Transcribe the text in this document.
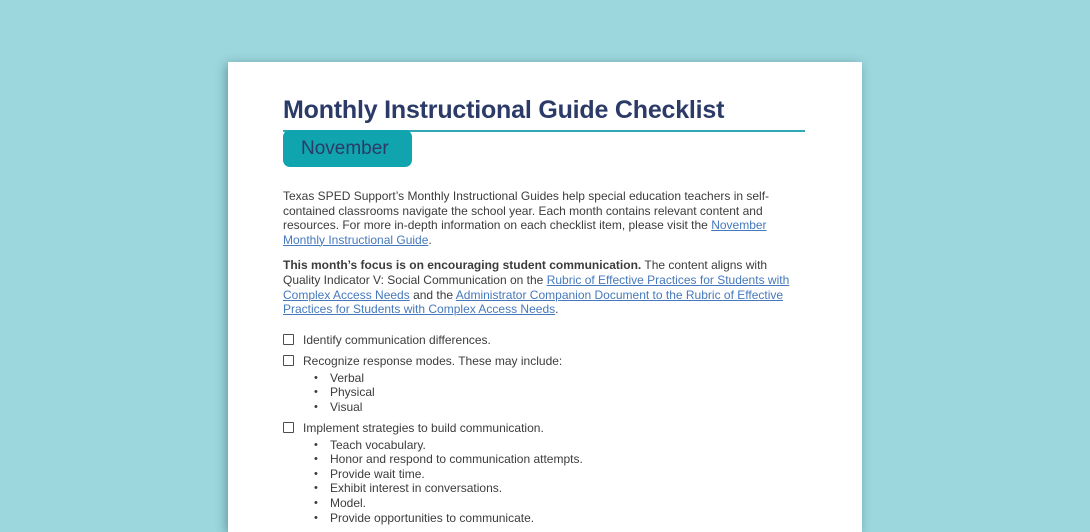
Monthly Instructional Guide Checklist
November

Texas SPED Support’s Monthly Instructional Guides help special education teachers in self-contained classrooms navigate the school year. Each month contains relevant content and resources. For more in-depth information on each checklist item, please visit the November Monthly Instructional Guide.

This month’s focus is on encouraging student communication. The content aligns with Quality Indicator V: Social Communication on the Rubric of Effective Practices for Students with Complex Access Needs and the Administrator Companion Document to the Rubric of Effective Practices for Students with Complex Access Needs.

Identify communication differences.
Recognize response modes. These may include:
• Verbal
• Physical
• Visual
Implement strategies to build communication.
• Teach vocabulary.
• Honor and respond to communication attempts.
• Provide wait time.
• Exhibit interest in conversations.
• Model.
• Provide opportunities to communicate.
